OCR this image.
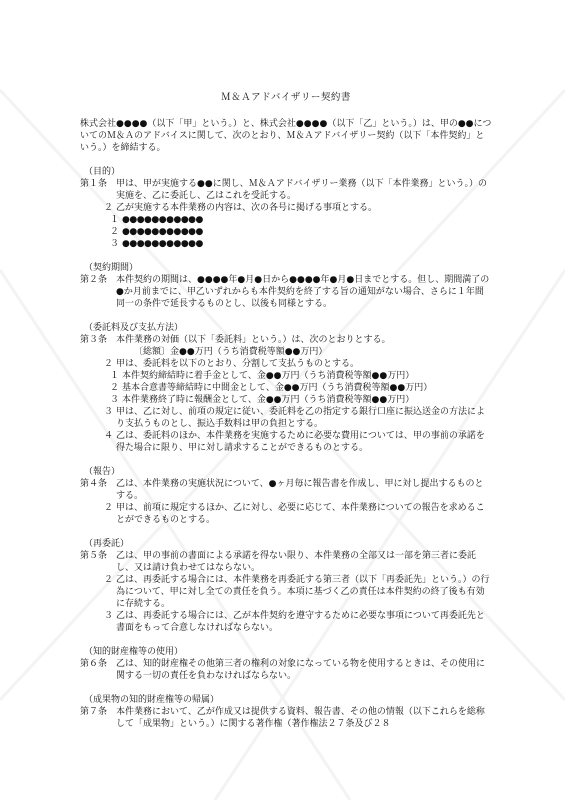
Ｍ＆Ａアドバイザリー契約書

株式会社●●●●（以下「甲」という。）と、株式会社●●●●（以下「乙」という。）は、甲の●●についてのＭ＆Ａのアドバイスに関して、次のとおり、Ｍ＆Ａアドバイザリー契約（以下「本件契約」という。）を締結する。

（目的）

第１条 甲は、甲が実施する●●に関し、Ｍ＆Ａアドバイザリー業務（以下「本件業務」という。）の実施を、乙に委託し、乙はこれを受託する。

２ 乙が実施する本件業務の内容は、次の各号に掲げる事項とする。

１ ●●●●●●●●●●●

２ ●●●●●●●●●●●

３ ●●●●●●●●●●●

（契約期間）

第２条 本件契約の期間は、●●●●年●月●日から●●●●年●月●日までとする。但し、期間満了の●か月前までに、甲乙いずれからも本件契約を終了する旨の通知がない場合、さらに１年間同一の条件で延長するものとし、以後も同様とする。

（委託料及び支払方法）

第３条 本件業務の対価（以下「委託料」という。）は、次のとおりとする。

〔総額〕金●●万円（うち消費税等額●●万円）

２ 甲は、委託料を以下のとおり、分割して支払うものとする。

１ 本件契約締結時に着手金として、金●●万円（うち消費税等額●●万円）

２ 基本合意書等締結時に中間金として、金●●万円（うち消費税等額●●万円）

３ 本件業務終了時に報酬金として、金●●万円（うち消費税等額●●万円）

３ 甲は、乙に対し、前項の規定に従い、委託料を乙の指定する銀行口座に振込送金の方法により支払うものとし、振込手数料は甲の負担とする。

４ 乙は、委託料のほか、本件業務を実施するために必要な費用については、甲の事前の承諾を得た場合に限り、甲に対し請求することができるものとする。

（報告）

第４条 乙は、本件業務の実施状況について、●ヶ月毎に報告書を作成し、甲に対し提出するものとする。

２ 甲は、前項に規定するほか、乙に対し、必要に応じて、本件業務についての報告を求めることができるものとする。

（再委託）

第５条 乙は、甲の事前の書面による承諾を得ない限り、本件業務の全部又は一部を第三者に委託し、又は請け負わせてはならない。

２ 乙は、再委託する場合には、本件業務を再委託する第三者（以下「再委託先」という。）の行為について、甲に対し全ての責任を負う。本項に基づく乙の責任は本件契約の終了後も有効に存続する。

３ 乙は、再委託する場合には、乙が本件契約を遵守するために必要な事項について再委託先と書面をもって合意しなければならない。

（知的財産権等の使用）

第６条 乙は、知的財産権その他第三者の権利の対象になっている物を使用するときは、その使用に関する一切の責任を負わなければならない。

（成果物の知的財産権等の帰属）

第７条 本件業務において、乙が作成又は提供する資料、報告書、その他の情報（以下これらを総称して「成果物」という。）に関する著作権（著作権法２７条及び２８
